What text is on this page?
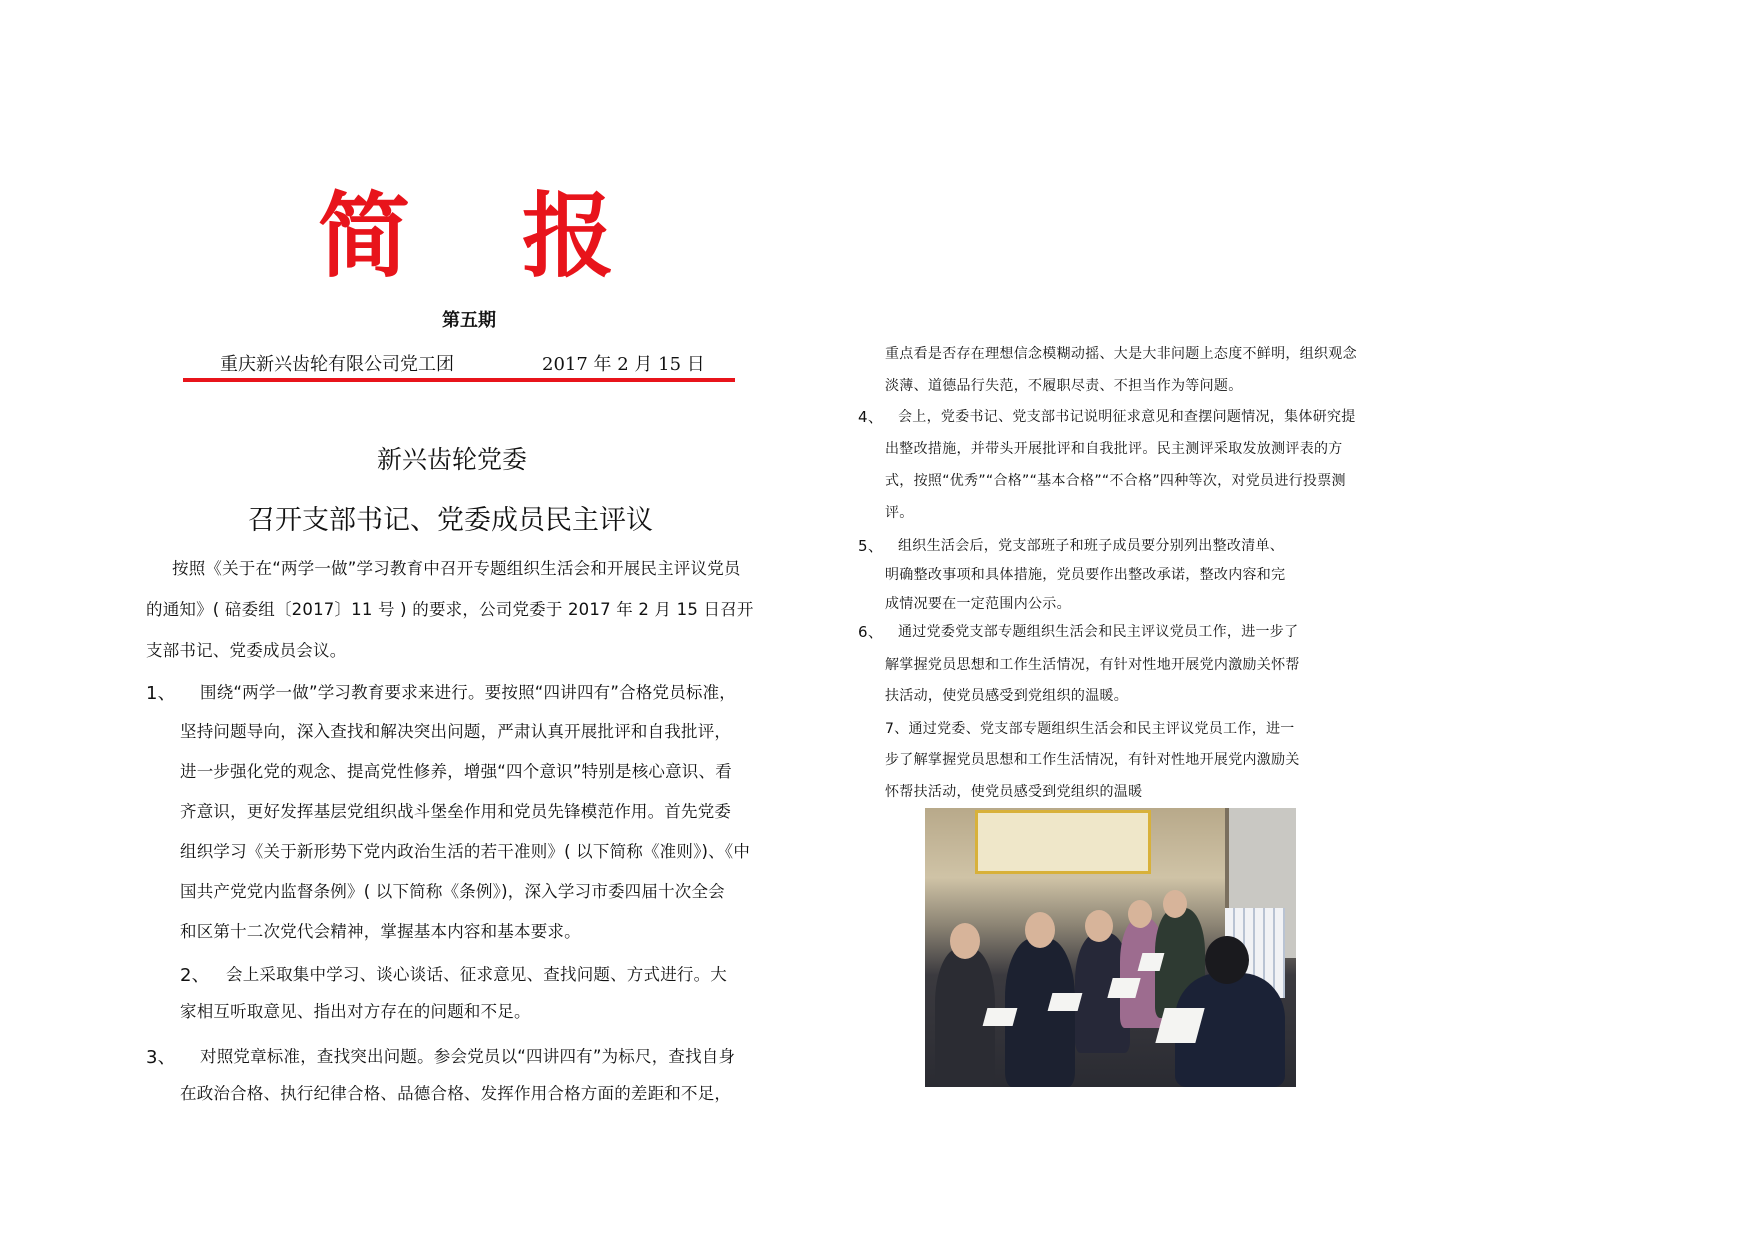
简 报
第五期
重庆新兴齿轮有限公司党工团	2017 年 2 月 15 日
新兴齿轮党委
召开支部书记、党委成员民主评议
按照《关于在“两学一做”学习教育中召开专题组织生活会和开展民主评议党员
的通知》( 碚委组〔2017〕11 号 ) 的要求，公司党委于 2017 年 2 月 15 日召开
支部书记、党委成员会议。
1、 围绕“两学一做”学习教育要求来进行。要按照“四讲四有”合格党员标准，
坚持问题导向，深入查找和解决突出问题，严肃认真开展批评和自我批评，
进一步强化党的观念、提高党性修养，增强“四个意识”特别是核心意识、看
齐意识，更好发挥基层党组织战斗堡垒作用和党员先锋模范作用。首先党委
组织学习《关于新形势下党内政治生活的若干准则》( 以下简称《准则》)、《中
国共产党党内监督条例》( 以下简称《条例》)，深入学习市委四届十次全会
和区第十二次党代会精神，掌握基本内容和基本要求。
2、 会上采取集中学习、谈心谈话、征求意见、查找问题、方式进行。大
家相互听取意见、指出对方存在的问题和不足。
3、 对照党章标准，查找突出问题。参会党员以“四讲四有”为标尺，查找自身
在政治合格、执行纪律合格、品德合格、发挥作用合格方面的差距和不足，
重点看是否存在理想信念模糊动摇、大是大非问题上态度不鲜明，组织观念
淡薄、道德品行失范，不履职尽责、不担当作为等问题。
4、 会上，党委书记、党支部书记说明征求意见和查摆问题情况，集体研究提
出整改措施，并带头开展批评和自我批评。民主测评采取发放测评表的方
式，按照“优秀”“合格”“基本合格”“不合格”四种等次，对党员进行投票测
评。
5、 组织生活会后，党支部班子和班子成员要分别列出整改清单、
明确整改事项和具体措施，党员要作出整改承诺，整改内容和完
成情况要在一定范围内公示。
6、 通过党委党支部专题组织生活会和民主评议党员工作，进一步了
解掌握党员思想和工作生活情况，有针对性地开展党内激励关怀帮
扶活动，使党员感受到党组织的温暖。
7、通过党委、党支部专题组织生活会和民主评议党员工作，进一
步了解掌握党员思想和工作生活情况，有针对性地开展党内激励关
怀帮扶活动，使党员感受到党组织的温暖
